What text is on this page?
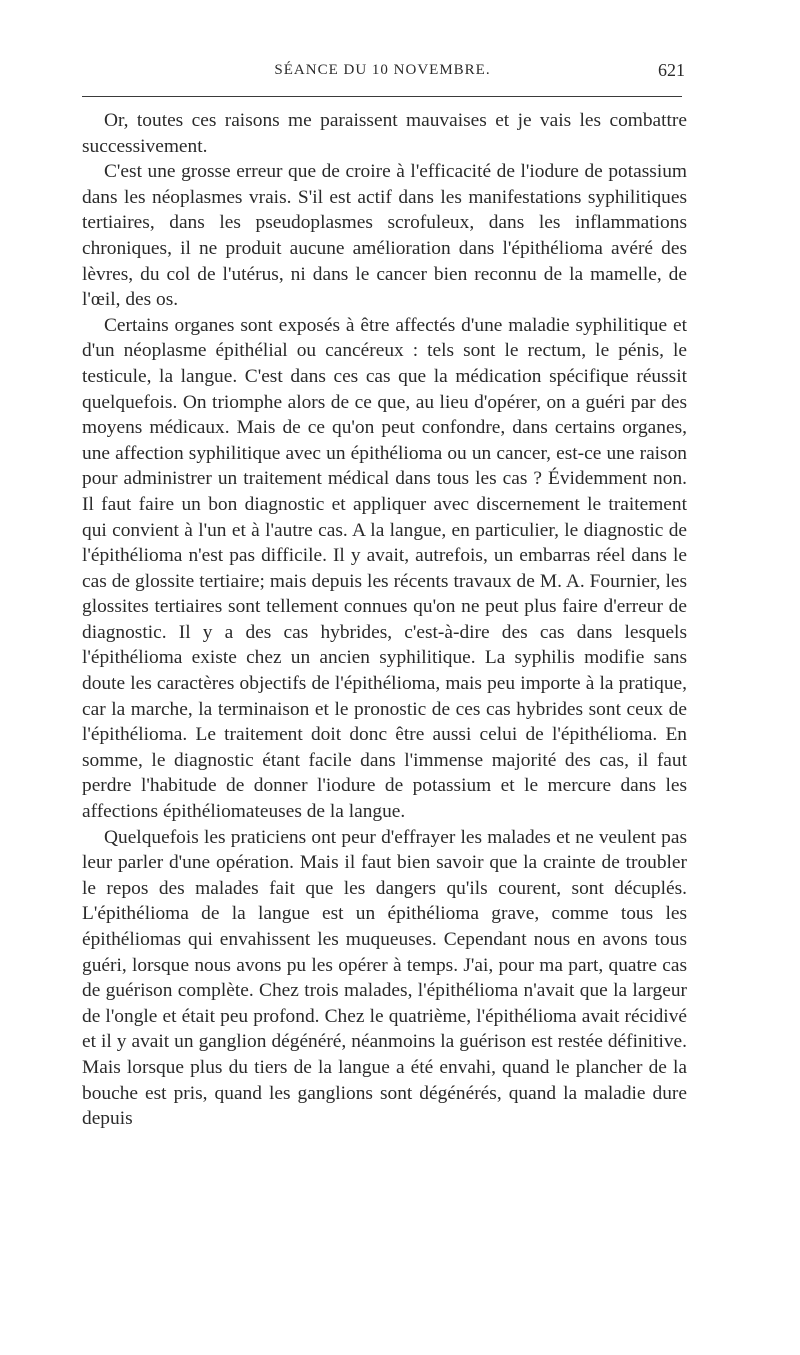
SÉANCE DU 10 NOVEMBRE.	621

Or, toutes ces raisons me paraissent mauvaises et je vais les combattre successivement.

C'est une grosse erreur que de croire à l'efficacité de l'iodure de potassium dans les néoplasmes vrais. S'il est actif dans les manifestations syphilitiques tertiaires, dans les pseudoplasmes scrofuleux, dans les inflammations chroniques, il ne produit aucune amélioration dans l'épithélioma avéré des lèvres, du col de l'utérus, ni dans le cancer bien reconnu de la mamelle, de l'œil, des os.

Certains organes sont exposés à être affectés d'une maladie syphilitique et d'un néoplasme épithélial ou cancéreux : tels sont le rectum, le pénis, le testicule, la langue. C'est dans ces cas que la médication spécifique réussit quelquefois. On triomphe alors de ce que, au lieu d'opérer, on a guéri par des moyens médicaux. Mais de ce qu'on peut confondre, dans certains organes, une affection syphilitique avec un épithélioma ou un cancer, est-ce une raison pour administrer un traitement médical dans tous les cas ? Évidemment non. Il faut faire un bon diagnostic et appliquer avec discernement le traitement qui convient à l'un et à l'autre cas. A la langue, en particulier, le diagnostic de l'épithélioma n'est pas difficile. Il y avait, autrefois, un embarras réel dans le cas de glossite tertiaire; mais depuis les récents travaux de M. A. Fournier, les glossites tertiaires sont tellement connues qu'on ne peut plus faire d'erreur de diagnostic. Il y a des cas hybrides, c'est-à-dire des cas dans lesquels l'épithélioma existe chez un ancien syphilitique. La syphilis modifie sans doute les caractères objectifs de l'épithélioma, mais peu importe à la pratique, car la marche, la terminaison et le pronostic de ces cas hybrides sont ceux de l'épithélioma. Le traitement doit donc être aussi celui de l'épithélioma. En somme, le diagnostic étant facile dans l'immense majorité des cas, il faut perdre l'habitude de donner l'iodure de potassium et le mercure dans les affections épithéliomateuses de la langue.

Quelquefois les praticiens ont peur d'effrayer les malades et ne veulent pas leur parler d'une opération. Mais il faut bien savoir que la crainte de troubler le repos des malades fait que les dangers qu'ils courent, sont décuplés. L'épithélioma de la langue est un épithélioma grave, comme tous les épithéliomas qui envahissent les muqueuses. Cependant nous en avons tous guéri, lorsque nous avons pu les opérer à temps. J'ai, pour ma part, quatre cas de guérison complète. Chez trois malades, l'épithélioma n'avait que la largeur de l'ongle et était peu profond. Chez le quatrième, l'épithélioma avait récidivé et il y avait un ganglion dégénéré, néanmoins la guérison est restée définitive. Mais lorsque plus du tiers de la langue a été envahi, quand le plancher de la bouche est pris, quand les ganglions sont dégénérés, quand la maladie dure depuis
